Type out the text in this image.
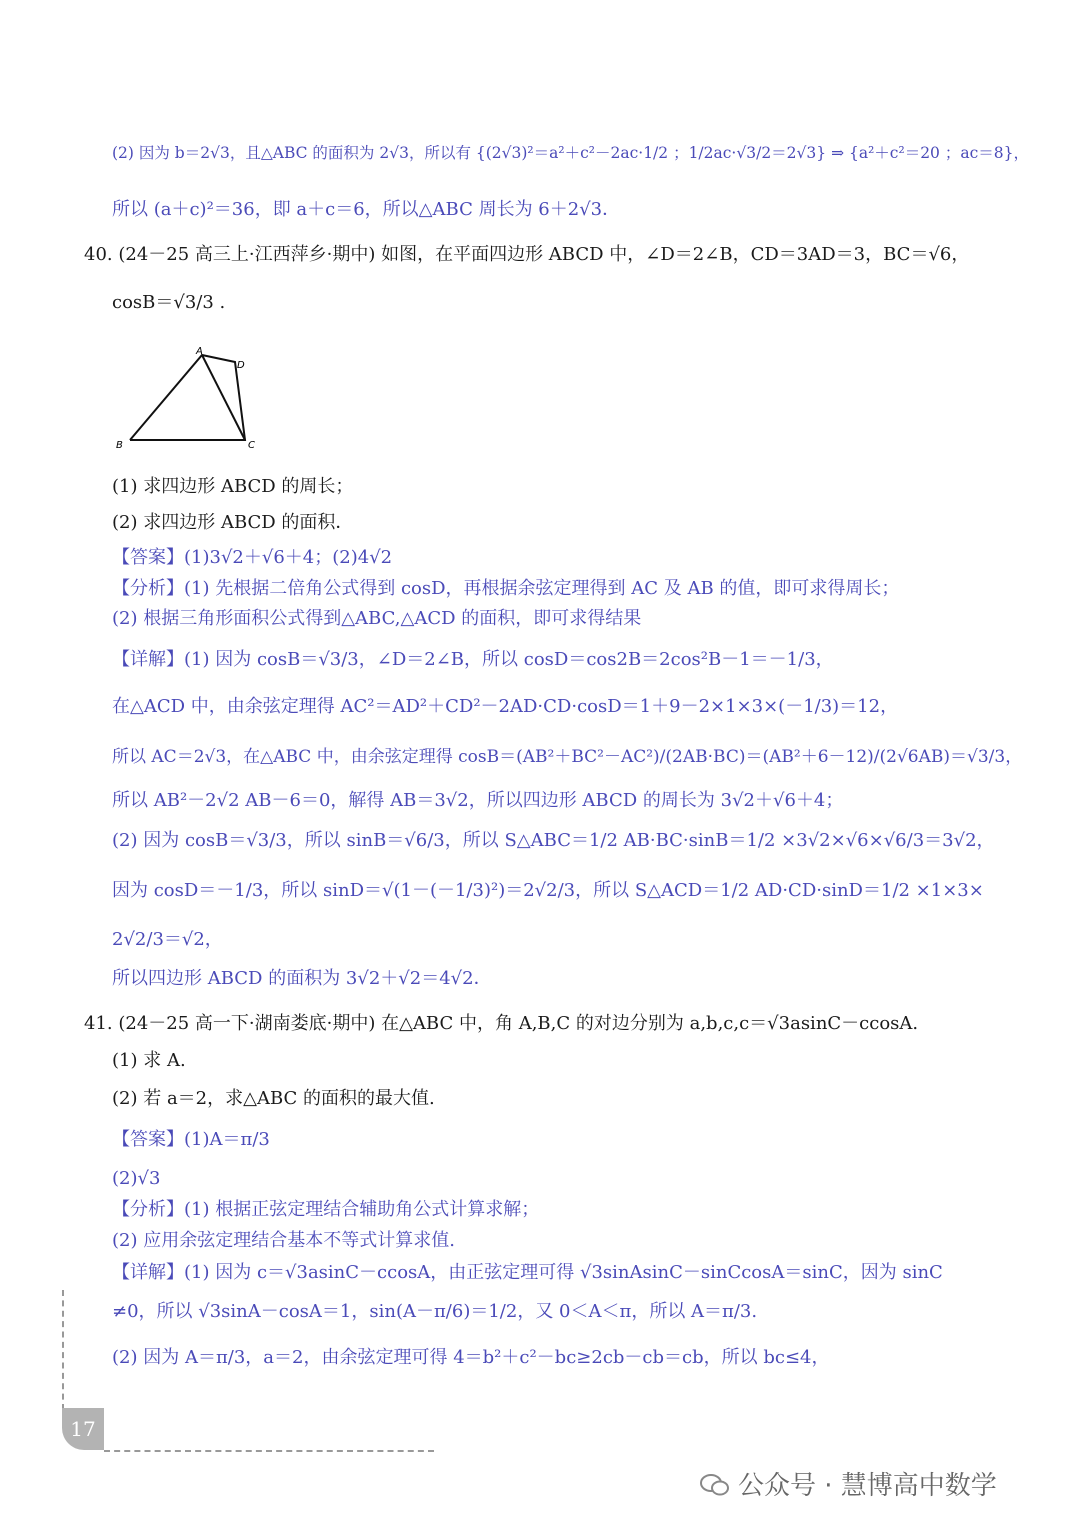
(2) 因为 b＝2√3，且△ABC 的面积为 2√3，所以有 {(2√3)²＝a²＋c²－2ac·1/2 ；1/2ac·√3/2＝2√3} ⇒ {a²＋c²＝20 ；ac＝8}，
所以 (a＋c)²＝36，即 a＋c＝6，所以△ABC 周长为 6＋2√3．
40. (24－25 高三上·江西萍乡·期中) 如图，在平面四边形 ABCD 中，∠D＝2∠B，CD＝3AD＝3，BC＝√6，
cosB＝√3/3 .
(1) 求四边形 ABCD 的周长；
(2) 求四边形 ABCD 的面积．
【答案】(1)3√2＋√6＋4；(2)4√2
【分析】(1) 先根据二倍角公式得到 cosD，再根据余弦定理得到 AC 及 AB 的值，即可求得周长；
(2) 根据三角形面积公式得到△ABC,△ACD 的面积，即可求得结果
【详解】(1) 因为 cosB＝√3/3，∠D＝2∠B，所以 cosD＝cos2B＝2cos²B－1＝－1/3，
在△ACD 中，由余弦定理得 AC²＝AD²＋CD²－2AD·CD·cosD＝1＋9－2×1×3×(－1/3)＝12，
所以 AC＝2√3，在△ABC 中，由余弦定理得 cosB＝(AB²＋BC²－AC²)/(2AB·BC)＝(AB²＋6－12)/(2√6AB)＝√3/3，
所以 AB²－2√2 AB－6＝0，解得 AB＝3√2，所以四边形 ABCD 的周长为 3√2＋√6＋4；
(2) 因为 cosB＝√3/3，所以 sinB＝√6/3，所以 S△ABC＝1/2 AB·BC·sinB＝1/2 ×3√2×√6×√6/3＝3√2，
因为 cosD＝－1/3，所以 sinD＝√(1－(－1/3)²)＝2√2/3，所以 S△ACD＝1/2 AD·CD·sinD＝1/2 ×1×3×
2√2/3＝√2，
所以四边形 ABCD 的面积为 3√2＋√2＝4√2．
41. (24－25 高一下·湖南娄底·期中) 在△ABC 中，角 A,B,C 的对边分别为 a,b,c,c＝√3asinC－ccosA.
(1) 求 A.
(2) 若 a＝2，求△ABC 的面积的最大值.
【答案】(1)A＝π/3
(2)√3
【分析】(1) 根据正弦定理结合辅助角公式计算求解；
(2) 应用余弦定理结合基本不等式计算求值.
【详解】(1) 因为 c＝√3asinC－ccosA，由正弦定理可得 √3sinAsinC－sinCcosA＝sinC，因为 sinC
≠0，所以 √3sinA－cosA＝1，sin(A－π/6)＝1/2，又 0＜A＜π，所以 A＝π/3.
(2) 因为 A＝π/3，a＝2，由余弦定理可得 4＝b²＋c²－bc≥2cb－cb＝cb，所以 bc≤4，
A
B	C
D
17
公众号 · 慧博高中数学
